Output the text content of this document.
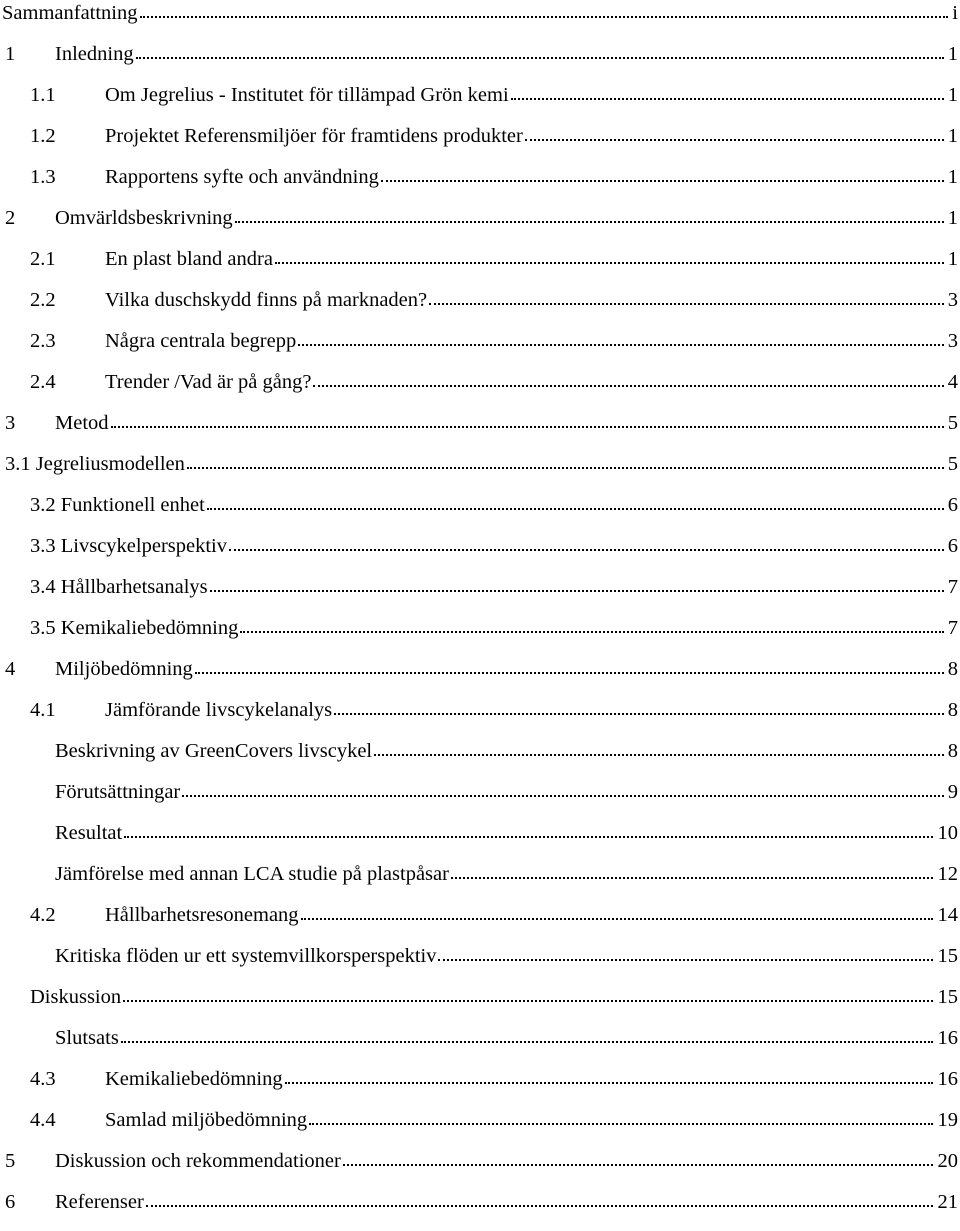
Sammanfattning	i
1 Inledning	1
1.1 Om Jegrelius - Institutet för tillämpad Grön kemi	1
1.2 Projektet Referensmiljöer för framtidens produkter	1
1.3 Rapportens syfte och användning	1
2 Omvärldsbeskrivning	1
2.1 En plast bland andra	1
2.2 Vilka duschskydd finns på marknaden?	3
2.3 Några centrala begrepp	3
2.4 Trender /Vad är på gång?	4
3 Metod	5
3.1 Jegreliusmodellen	5
3.2 Funktionell enhet	6
3.3 Livscykelperspektiv	6
3.4 Hållbarhetsanalys	7
3.5 Kemikaliebedömning	7
4 Miljöbedömning	8
4.1 Jämförande livscykelanalys	8
Beskrivning av GreenCovers livscykel	8
Förutsättningar	9
Resultat	10
Jämförelse med annan LCA studie på plastpåsar	12
4.2 Hållbarhetsresonemang	14
Kritiska flöden ur ett systemvillkorsperspektiv	15
Diskussion	15
Slutsats	16
4.3 Kemikaliebedömning	16
4.4 Samlad miljöbedömning	19
5 Diskussion och rekommendationer	20
6 Referenser	21
